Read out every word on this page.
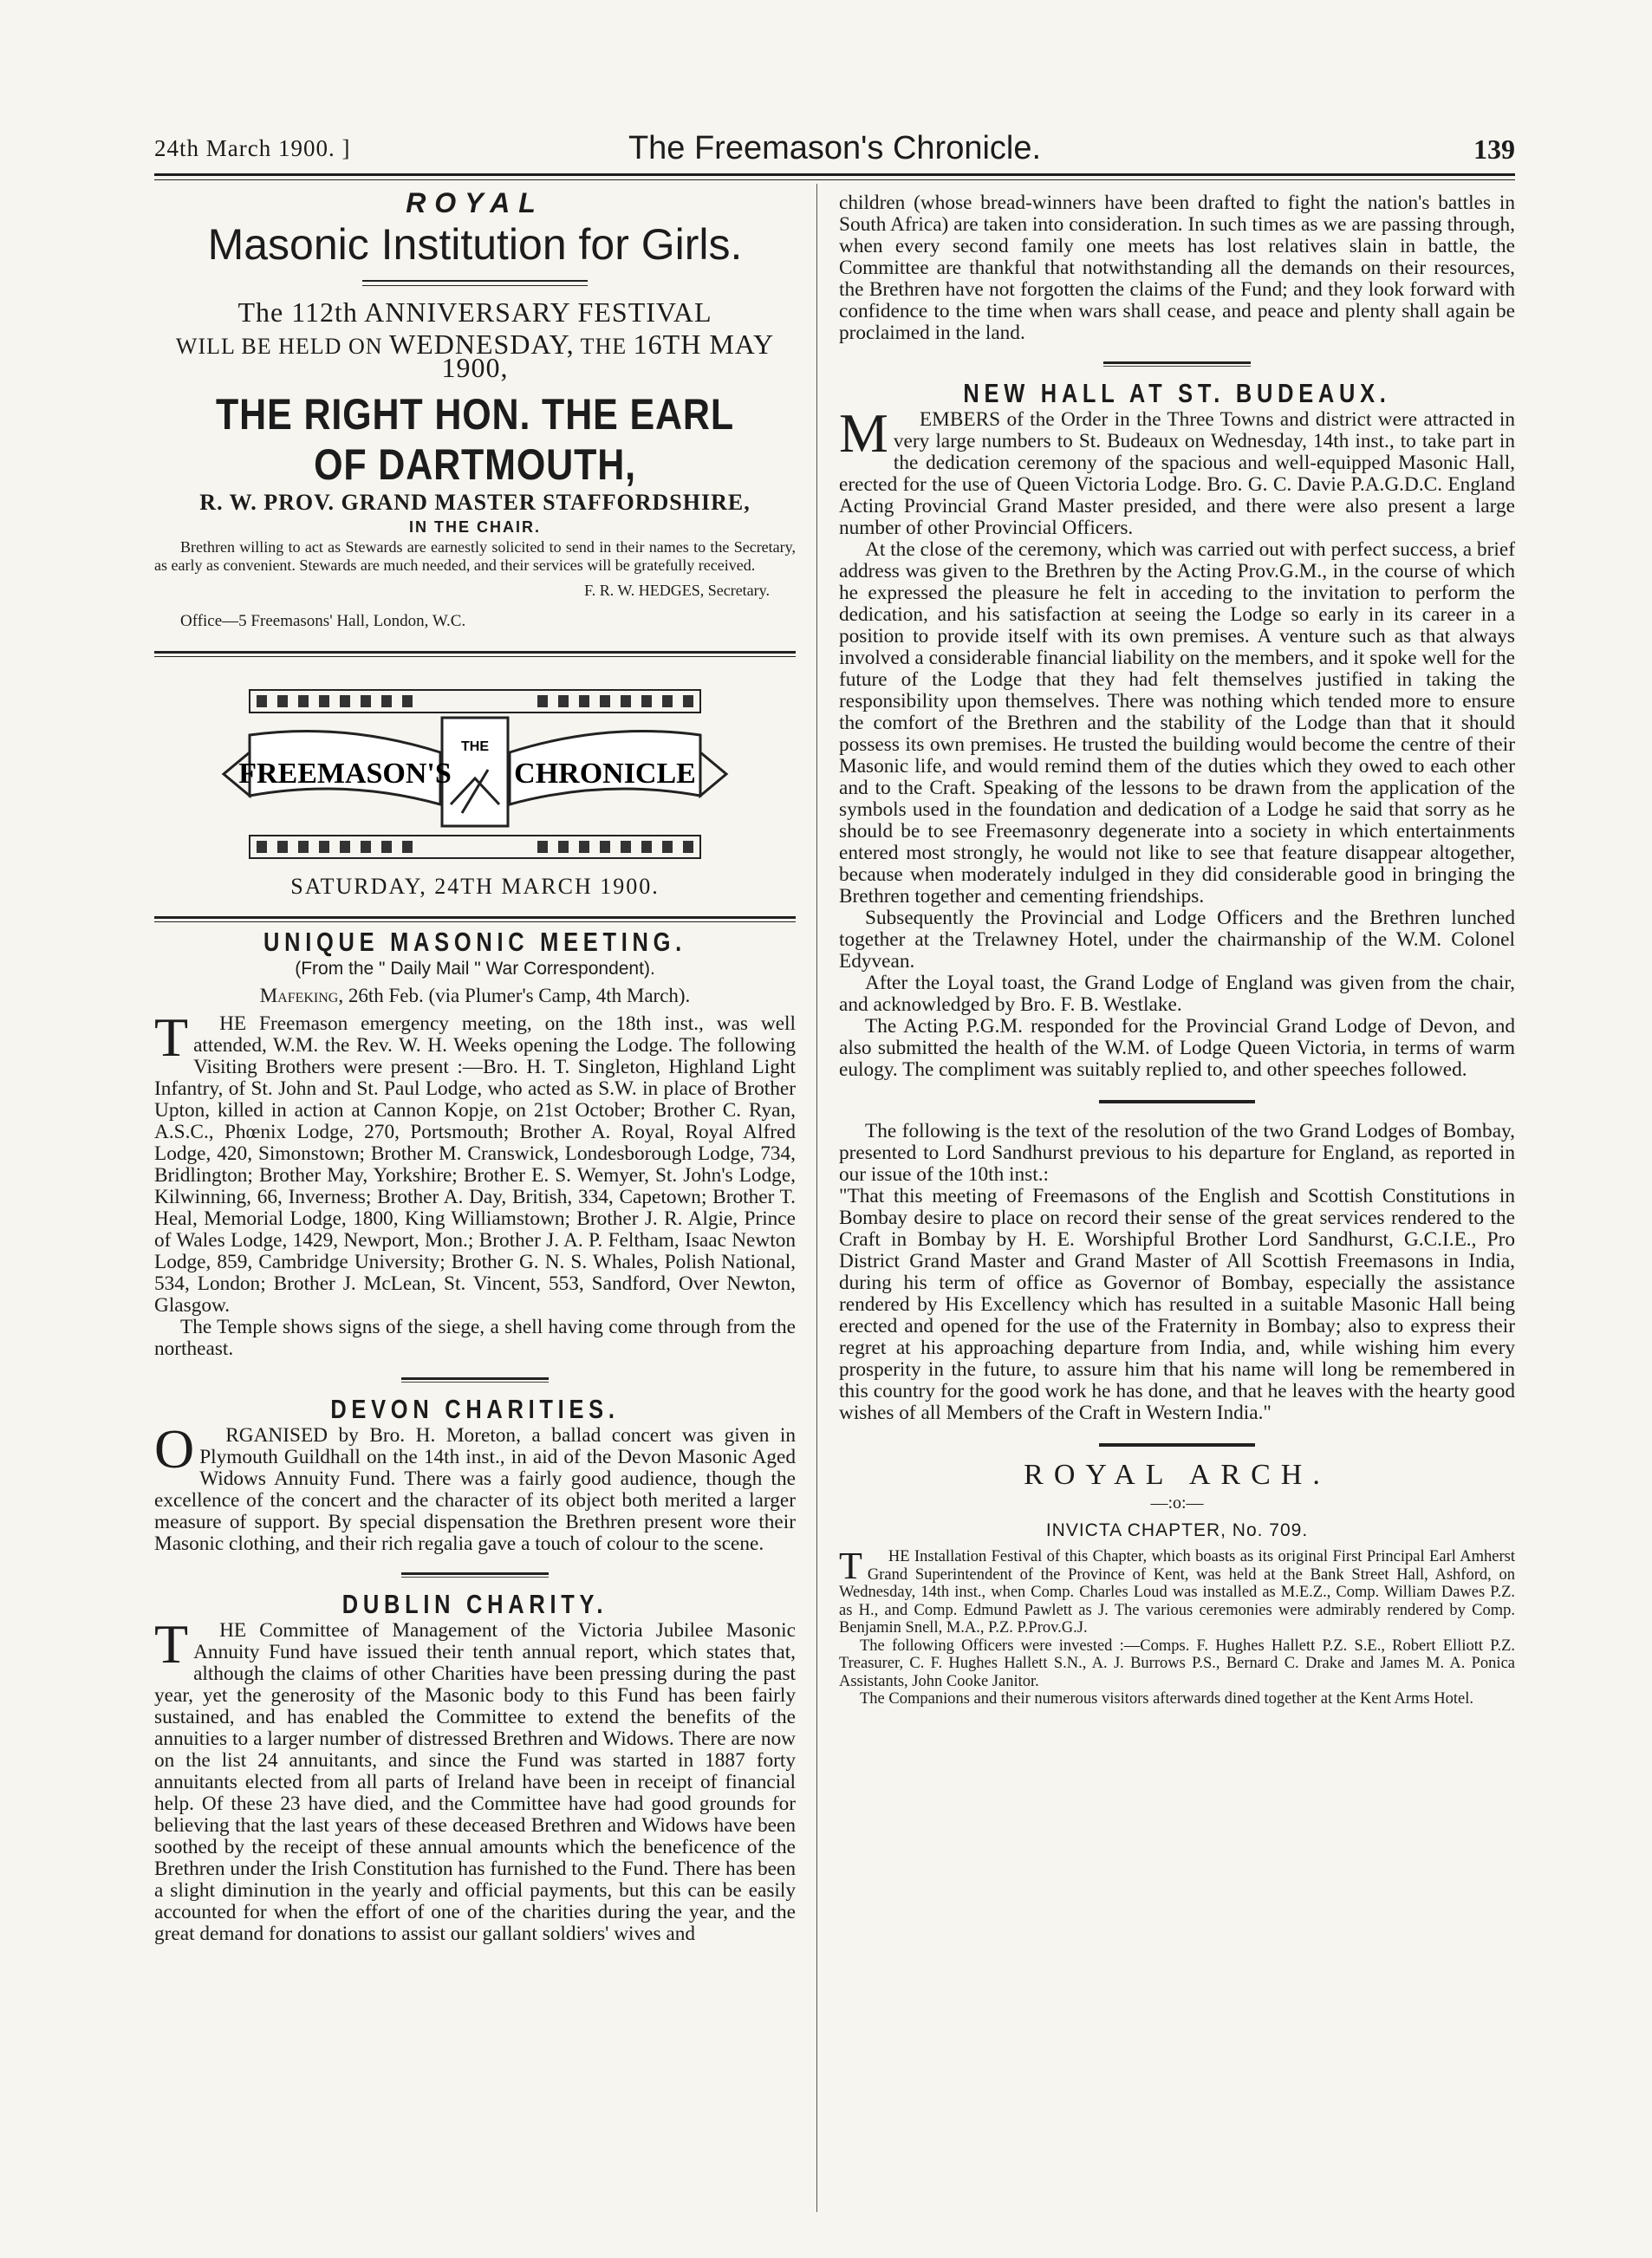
24th March 1900. ]	The Freemason's Chronicle.	139
ROYAL
Masonic Institution for Girls.
The 112th ANNIVERSARY FESTIVAL
WILL BE HELD ON WEDNESDAY, THE 16TH MAY 1900,
THE RIGHT HON. THE EARL OF DARTMOUTH,
R. W. PROV. GRAND MASTER STAFFORDSHIRE,
IN THE CHAIR.

Brethren willing to act as Stewards are earnestly solicited to send in their names to the Secretary, as early as convenient. Stewards are much needed, and their services will be gratefully received.

F. R. W. HEDGES, Secretary.
Office—5 Freemasons' Hall, London, W.C.
FREEMASON'S
THE
CHRONICLE
SATURDAY, 24TH MARCH 1900.
UNIQUE MASONIC MEETING.
(From the " Daily Mail " War Correspondent).
Mafeking, 26th Feb. (via Plumer's Camp, 4th March).

T HE Freemason emergency meeting, on the 18th inst., was well attended, W.M. the Rev. W. H. Weeks opening the Lodge. The following Visiting Brothers were present :—Bro. H. T. Singleton, Highland Light Infantry, of St. John and St. Paul Lodge, who acted as S.W. in place of Brother Upton, killed in action at Cannon Kopje, on 21st October; Brother C. Ryan, A.S.C., Phœnix Lodge, 270, Portsmouth; Brother A. Royal, Royal Alfred Lodge, 420, Simonstown; Brother M. Cranswick, Londesborough Lodge, 734, Bridlington; Brother May, Yorkshire; Brother E. S. Wemyer, St. John's Lodge, Kilwinning, 66, Inverness; Brother A. Day, British, 334, Capetown; Brother T. Heal, Memorial Lodge, 1800, King Williamstown; Brother J. R. Algie, Prince of Wales Lodge, 1429, Newport, Mon.; Brother J. A. P. Feltham, Isaac Newton Lodge, 859, Cambridge University; Brother G. N. S. Whales, Polish National, 534, London; Brother J. McLean, St. Vincent, 553, Sandford, Over Newton, Glasgow.

The Temple shows signs of the siege, a shell having come through from the northeast.

DEVON CHARITIES.

O RGANISED by Bro. H. Moreton, a ballad concert was given in Plymouth Guildhall on the 14th inst., in aid of the Devon Masonic Aged Widows Annuity Fund. There was a fairly good audience, though the excellence of the concert and the character of its object both merited a larger measure of support. By special dispensation the Brethren present wore their Masonic clothing, and their rich regalia gave a touch of colour to the scene.

DUBLIN CHARITY.

T HE Committee of Management of the Victoria Jubilee Masonic Annuity Fund have issued their tenth annual report, which states that, although the claims of other Charities have been pressing during the past year, yet the generosity of the Masonic body to this Fund has been fairly sustained, and has enabled the Committee to extend the benefits of the annuities to a larger number of distressed Brethren and Widows. There are now on the list 24 annuitants, and since the Fund was started in 1887 forty annuitants elected from all parts of Ireland have been in receipt of financial help. Of these 23 have died, and the Committee have had good grounds for believing that the last years of these deceased Brethren and Widows have been soothed by the receipt of these annual amounts which the beneficence of the Brethren under the Irish Constitution has furnished to the Fund. There has been a slight diminution in the yearly and official payments, but this can be easily accounted for when the effort of one of the charities during the year, and the great demand for donations to assist our gallant soldiers' wives and

children (whose bread-winners have been drafted to fight the nation's battles in South Africa) are taken into consideration. In such times as we are passing through, when every second family one meets has lost relatives slain in battle, the Committee are thankful that notwithstanding all the demands on their resources, the Brethren have not forgotten the claims of the Fund; and they look forward with confidence to the time when wars shall cease, and peace and plenty shall again be proclaimed in the land.

NEW HALL AT ST. BUDEAUX.

M EMBERS of the Order in the Three Towns and district were attracted in very large numbers to St. Budeaux on Wednesday, 14th inst., to take part in the dedication ceremony of the spacious and well-equipped Masonic Hall, erected for the use of Queen Victoria Lodge. Bro. G. C. Davie P.A.G.D.C. England Acting Provincial Grand Master presided, and there were also present a large number of other Provincial Officers.

At the close of the ceremony, which was carried out with perfect success, a brief address was given to the Brethren by the Acting Prov.G.M., in the course of which he expressed the pleasure he felt in acceding to the invitation to perform the dedication, and his satisfaction at seeing the Lodge so early in its career in a position to provide itself with its own premises. A venture such as that always involved a considerable financial liability on the members, and it spoke well for the future of the Lodge that they had felt themselves justified in taking the responsibility upon themselves. There was nothing which tended more to ensure the comfort of the Brethren and the stability of the Lodge than that it should possess its own premises. He trusted the building would become the centre of their Masonic life, and would remind them of the duties which they owed to each other and to the Craft. Speaking of the lessons to be drawn from the application of the symbols used in the foundation and dedication of a Lodge he said that sorry as he should be to see Freemasonry degenerate into a society in which entertainments entered most strongly, he would not like to see that feature disappear altogether, because when moderately indulged in they did considerable good in bringing the Brethren together and cementing friendships.

Subsequently the Provincial and Lodge Officers and the Brethren lunched together at the Trelawney Hotel, under the chairmanship of the W.M. Colonel Edyvean.

After the Loyal toast, the Grand Lodge of England was given from the chair, and acknowledged by Bro. F. B. Westlake.

The Acting P.G.M. responded for the Provincial Grand Lodge of Devon, and also submitted the health of the W.M. of Lodge Queen Victoria, in terms of warm eulogy. The compliment was suitably replied to, and other speeches followed.

The following is the text of the resolution of the two Grand Lodges of Bombay, presented to Lord Sandhurst previous to his departure for England, as reported in our issue of the 10th inst.:

"That this meeting of Freemasons of the English and Scottish Constitutions in Bombay desire to place on record their sense of the great services rendered to the Craft in Bombay by H. E. Worshipful Brother Lord Sandhurst, G.C.I.E., Pro District Grand Master and Grand Master of All Scottish Freemasons in India, during his term of office as Governor of Bombay, especially the assistance rendered by His Excellency which has resulted in a suitable Masonic Hall being erected and opened for the use of the Fraternity in Bombay; also to express their regret at his approaching departure from India, and, while wishing him every prosperity in the future, to assure him that his name will long be remembered in this country for the good work he has done, and that he leaves with the hearty good wishes of all Members of the Craft in Western India."

ROYAL ARCH.
—:o:—
INVICTA CHAPTER, No. 709.

T	HE Installation Festival of this Chapter, which boasts as its original First Principal Earl Amherst Grand Superintendent of the Province of Kent, was held at the Bank Street Hall, Ashford, on Wednesday, 14th inst., when Comp. Charles Loud was installed as M.E.Z., Comp. William Dawes P.Z. as H., and Comp. Edmund Pawlett as J. The various ceremonies were admirably rendered by Comp. Benjamin Snell, M.A., P.Z. P.Prov.G.J.

The following Officers were invested :—Comps. F. Hughes Hallett P.Z. S.E., Robert Elliott P.Z. Treasurer, C. F. Hughes Hallett S.N., A. J. Burrows P.S., Bernard C. Drake and James M. A. Ponica Assistants, John Cooke Janitor.

The Companions and their numerous visitors afterwards dined together at the Kent Arms Hotel.
